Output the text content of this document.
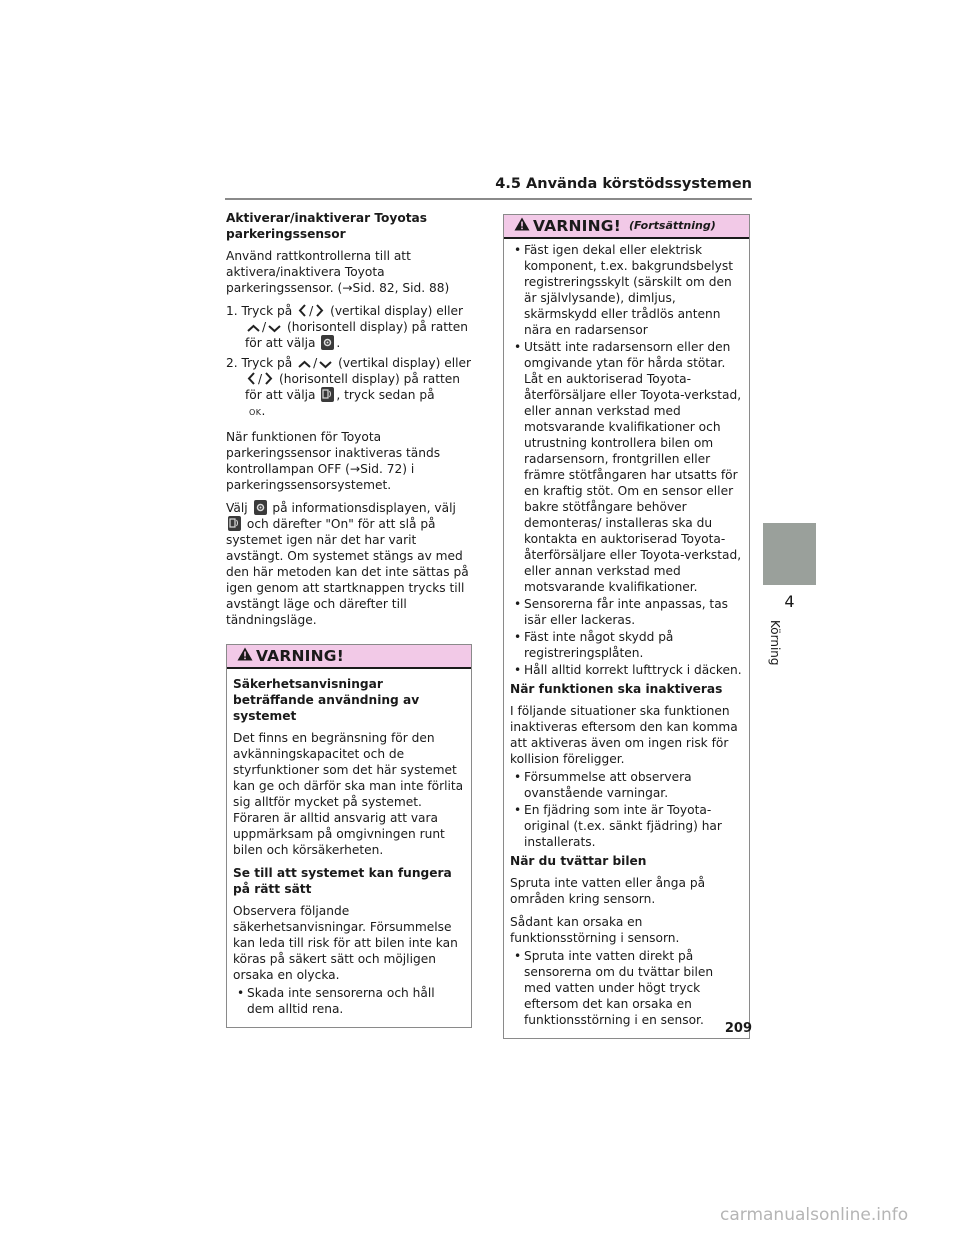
4.5 Använda körstödssystemen
Aktiverar/inaktiverar Toyotas parkeringssensor

Använd rattkontrollerna till att aktivera/inaktivera Toyota parkeringssensor. (→Sid. 82, Sid. 88)

1. Tryck på / (vertikal display) eller
/ (horisontell display) på ratten för att välja .
2. Tryck på / (vertikal display) eller
/ (horisontell display) på ratten för att välja , tryck sedan på
OK.

När funktionen för Toyota parkeringssensor inaktiveras tänds kontrollampan OFF (→Sid. 72) i parkeringssensorsystemet.

Välj på informationsdisplayen, välj
och därefter "On" för att slå på systemet igen när det har varit avstängt. Om systemet stängs av med den här metoden kan det inte sättas på igen genom att startknappen trycks till avstängt läge och därefter till tändningsläge.

VARNING!
Säkerhetsanvisningar beträffande användning av systemet

Det finns en begränsning för den avkänningskapacitet och de styrfunktioner som det här systemet kan ge och därför ska man inte förlita sig alltför mycket på systemet. Föraren är alltid ansvarig att vara uppmärksam på omgivningen runt bilen och körsäkerheten.

Se till att systemet kan fungera på rätt sätt

Observera följande säkerhetsanvisningar. Försummelse kan leda till risk för att bilen inte kan köras på säkert sätt och möjligen orsaka en olycka.

• Skada inte sensorerna och håll dem alltid rena.
VARNING! (Fortsättning)
• Fäst igen dekal eller elektrisk komponent, t.ex. bakgrundsbelyst registreringsskylt (särskilt om den är självlysande), dimljus, skärmskydd eller trådlös antenn nära en radarsensor
• Utsätt inte radarsensorn eller den omgivande ytan för hårda stötar. Låt en auktoriserad Toyota-återförsäljare eller Toyota-verkstad, eller annan verkstad med motsvarande kvalifikationer och utrustning kontrollera bilen om radarsensorn, frontgrillen eller främre stötfångaren har utsatts för en kraftig stöt. Om en sensor eller bakre stötfångare behöver demonteras/ installeras ska du kontakta en auktoriserad Toyota-återförsäljare eller Toyota-verkstad, eller annan verkstad med motsvarande kvalifikationer.
• Sensorerna får inte anpassas, tas isär eller lackeras.
• Fäst inte något skydd på registreringsplåten.
• Håll alltid korrekt lufttryck i däcken.
När funktionen ska inaktiveras

I följande situationer ska funktionen inaktiveras eftersom den kan komma att aktiveras även om ingen risk för kollision föreligger.

• Försummelse att observera ovanstående varningar.
• En fjädring som inte är Toyota-original (t.ex. sänkt fjädring) har installerats.
När du tvättar bilen

Spruta inte vatten eller ånga på områden kring sensorn.

Sådant kan orsaka en funktionsstörning i sensorn.

• Spruta inte vatten direkt på sensorerna om du tvättar bilen med vatten under högt tryck eftersom det kan orsaka en funktionsstörning i en sensor.
4
Körning
209
carmanualsonline.info
